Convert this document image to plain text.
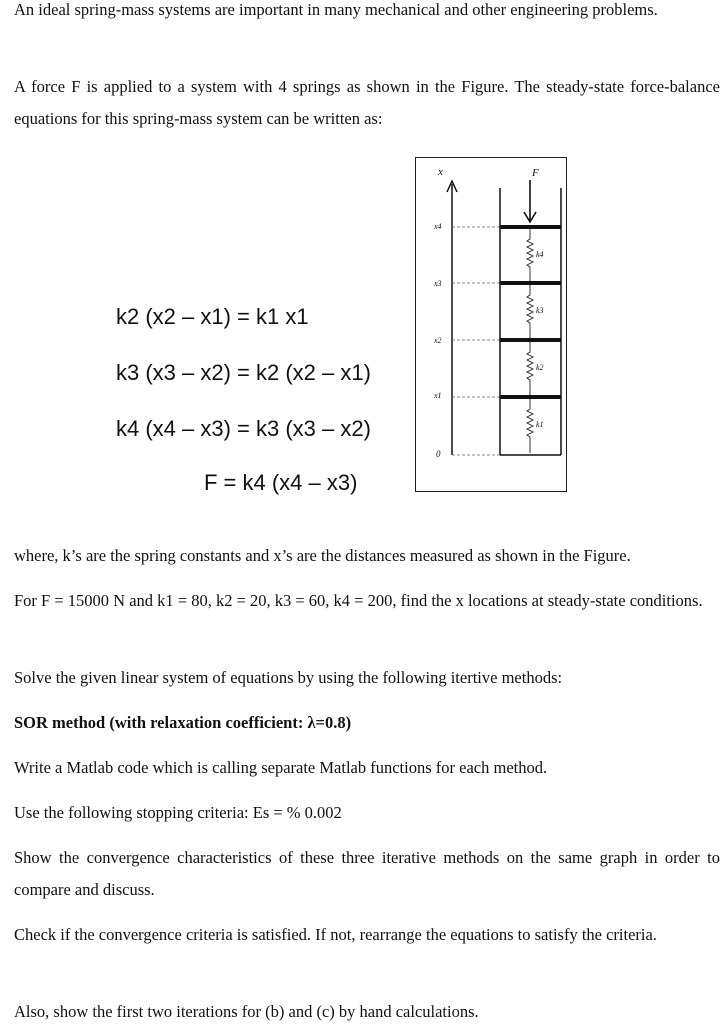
An ideal spring-mass systems are important in many mechanical and other engineering problems.

A force F is applied to a system with 4 springs as shown in the Figure. The steady-state force-balance equations for this spring-mass system can be written as:

k2 (x2 – x1) = k1 x1
k3 (x3 – x2) = k2 (x2 – x1)
k4 (x4 – x3) = k3 (x3 – x2)
F = k4 (x4 – x3)
x
x4
x3
x2
x1
0
k4
k3
k2
k1
F

where, k’s are the spring constants and x’s are the distances measured as shown in the Figure.

For F = 15000 N and k1 = 80, k2 = 20, k3 = 60, k4 = 200, find the x locations at steady-state conditions.

Solve the given linear system of equations by using the following itertive methods:

SOR method (with relaxation coefficient: λ=0.8)

Write a Matlab code which is calling separate Matlab functions for each method.

Use the following stopping criteria: Es = % 0.002

Show the convergence characteristics of these three iterative methods on the same graph in order to compare and discuss.

Check if the convergence criteria is satisfied. If not, rearrange the equations to satisfy the criteria.

Also, show the first two iterations for (b) and (c) by hand calculations.
